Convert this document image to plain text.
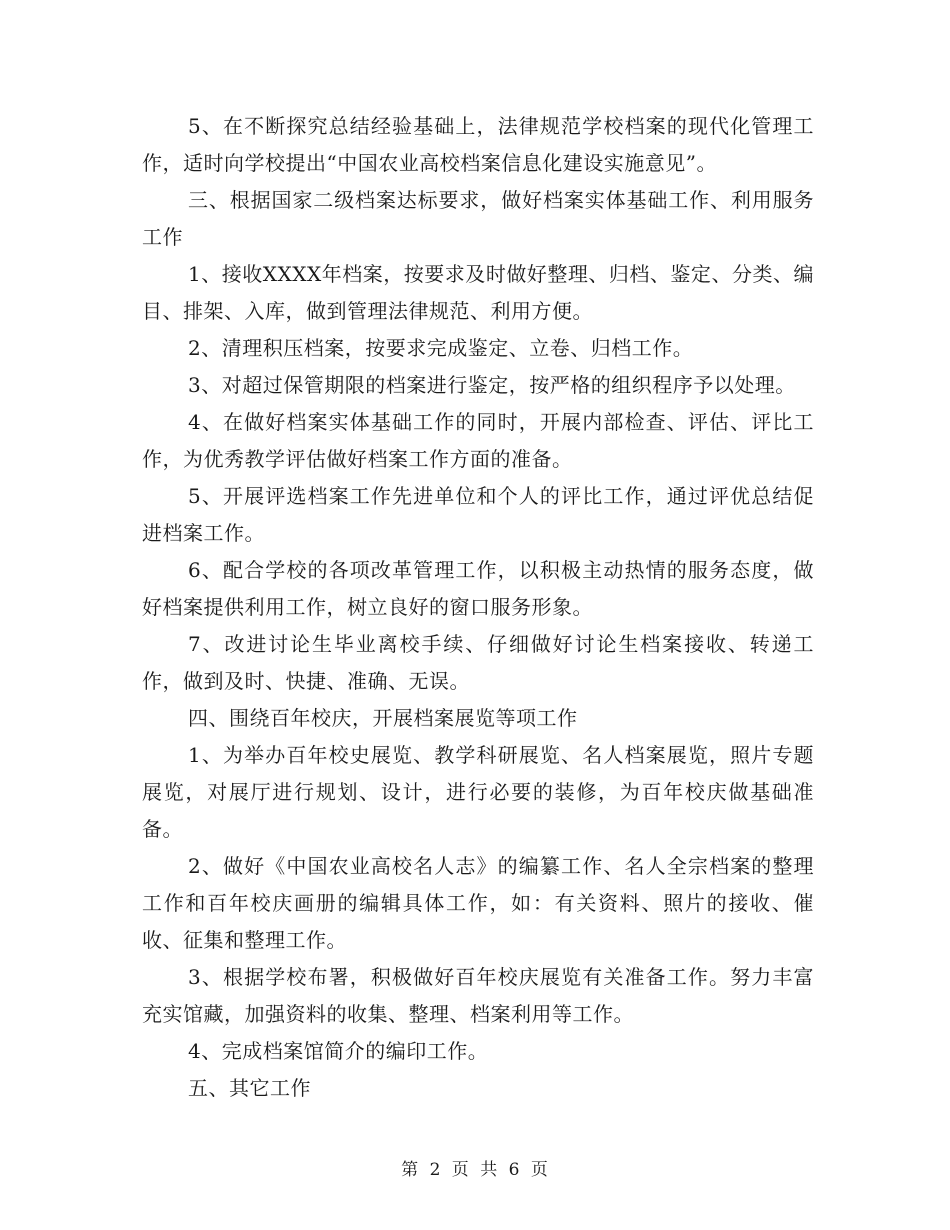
5、在不断探究总结经验基础上，法律规范学校档案的现代化管理工作，适时向学校提出“中国农业高校档案信息化建设实施意见”。

三、根据国家二级档案达标要求，做好档案实体基础工作、利用服务工作

1、接收XXXX年档案，按要求及时做好整理、归档、鉴定、分类、编目、排架、入库，做到管理法律规范、利用方便。

2、清理积压档案，按要求完成鉴定、立卷、归档工作。

3、对超过保管期限的档案进行鉴定，按严格的组织程序予以处理。

4、在做好档案实体基础工作的同时，开展内部检查、评估、评比工作，为优秀教学评估做好档案工作方面的准备。

5、开展评选档案工作先进单位和个人的评比工作，通过评优总结促进档案工作。

6、配合学校的各项改革管理工作，以积极主动热情的服务态度，做好档案提供利用工作，树立良好的窗口服务形象。

7、改进讨论生毕业离校手续、仔细做好讨论生档案接收、转递工作，做到及时、快捷、准确、无误。

四、围绕百年校庆，开展档案展览等项工作

1、为举办百年校史展览、教学科研展览、名人档案展览，照片专题展览，对展厅进行规划、设计，进行必要的装修，为百年校庆做基础准备。

2、做好《中国农业高校名人志》的编纂工作、名人全宗档案的整理工作和百年校庆画册的编辑具体工作，如：有关资料、照片的接收、催收、征集和整理工作。

3、根据学校布署，积极做好百年校庆展览有关准备工作。努力丰富充实馆藏，加强资料的收集、整理、档案利用等工作。

4、完成档案馆简介的编印工作。

五、其它工作

第 2 页 共 6 页
